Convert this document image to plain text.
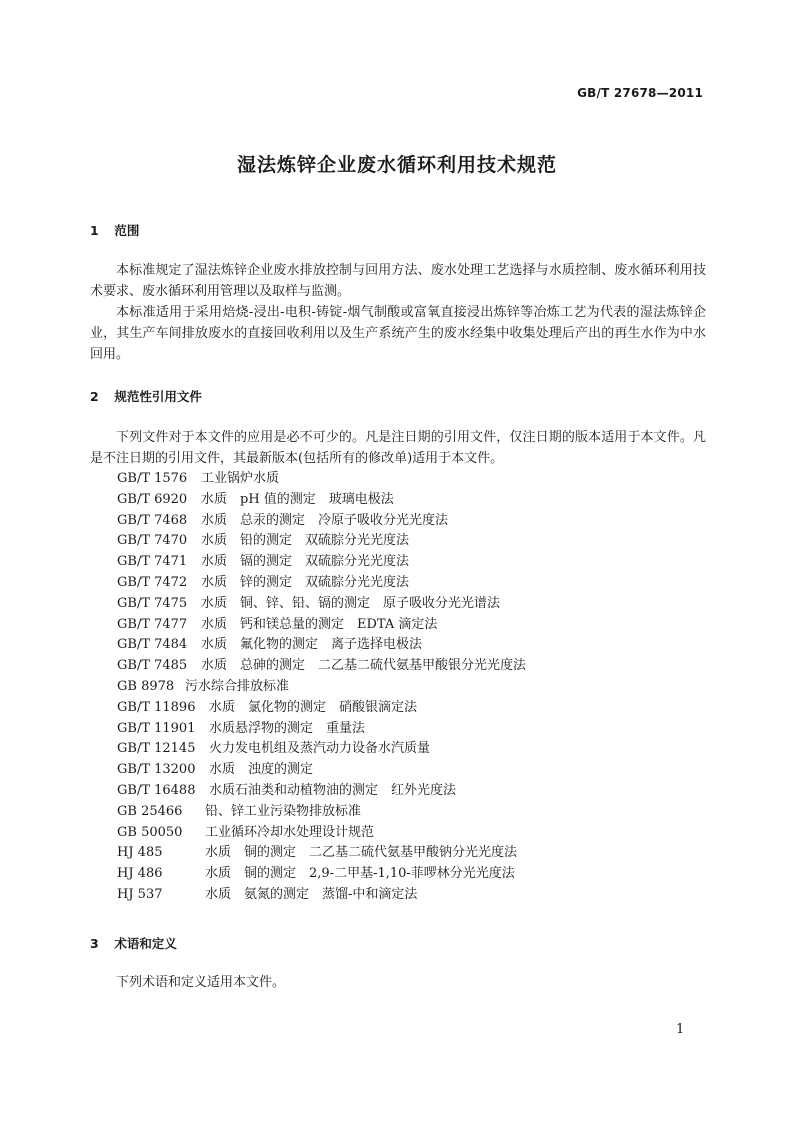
GB/T 27678—2011
湿法炼锌企业废水循环利用技术规范
1 范围

本标准规定了湿法炼锌企业废水排放控制与回用方法、废水处理工艺选择与水质控制、废水循环利用技术要求、废水循环利用管理以及取样与监测。

本标准适用于采用焙烧-浸出-电积-铸锭-烟气制酸或富氧直接浸出炼锌等冶炼工艺为代表的湿法炼锌企业，其生产车间排放废水的直接回收利用以及生产系统产生的废水经集中收集处理后产出的再生水作为中水回用。

2 规范性引用文件

下列文件对于本文件的应用是必不可少的。凡是注日期的引用文件，仅注日期的版本适用于本文件。凡是不注日期的引用文件，其最新版本(包括所有的修改单)适用于本文件。

GB/T 1576 工业锅炉水质
GB/T 6920 水质　pH 值的测定　玻璃电极法
GB/T 7468 水质　总汞的测定　冷原子吸收分光光度法
GB/T 7470 水质　铅的测定　双硫腙分光光度法
GB/T 7471 水质　镉的测定　双硫腙分光光度法
GB/T 7472 水质　锌的测定　双硫腙分光光度法
GB/T 7475 水质　铜、锌、铅、镉的测定　原子吸收分光光谱法
GB/T 7477 水质　钙和镁总量的测定　EDTA 滴定法
GB/T 7484 水质　氟化物的测定　离子选择电极法
GB/T 7485 水质　总砷的测定　二乙基二硫代氨基甲酸银分光光度法
GB 8978 污水综合排放标准
GB/T 11896 水质　氯化物的测定　硝酸银滴定法
GB/T 11901 水质悬浮物的测定　重量法
GB/T 12145 火力发电机组及蒸汽动力设备水汽质量
GB/T 13200 水质　浊度的测定
GB/T 16488 水质石油类和动植物油的测定　红外光度法
GB 25466 铅、锌工业污染物排放标准
GB 50050 工业循环冷却水处理设计规范
HJ 485	水质　铜的测定　二乙基二硫代氨基甲酸钠分光光度法
HJ 486	水质　铜的测定　2,9-二甲基-1,10-菲啰林分光光度法
HJ 537	水质　氨氮的测定　蒸馏-中和滴定法
3 术语和定义

下列术语和定义适用本文件。

1
